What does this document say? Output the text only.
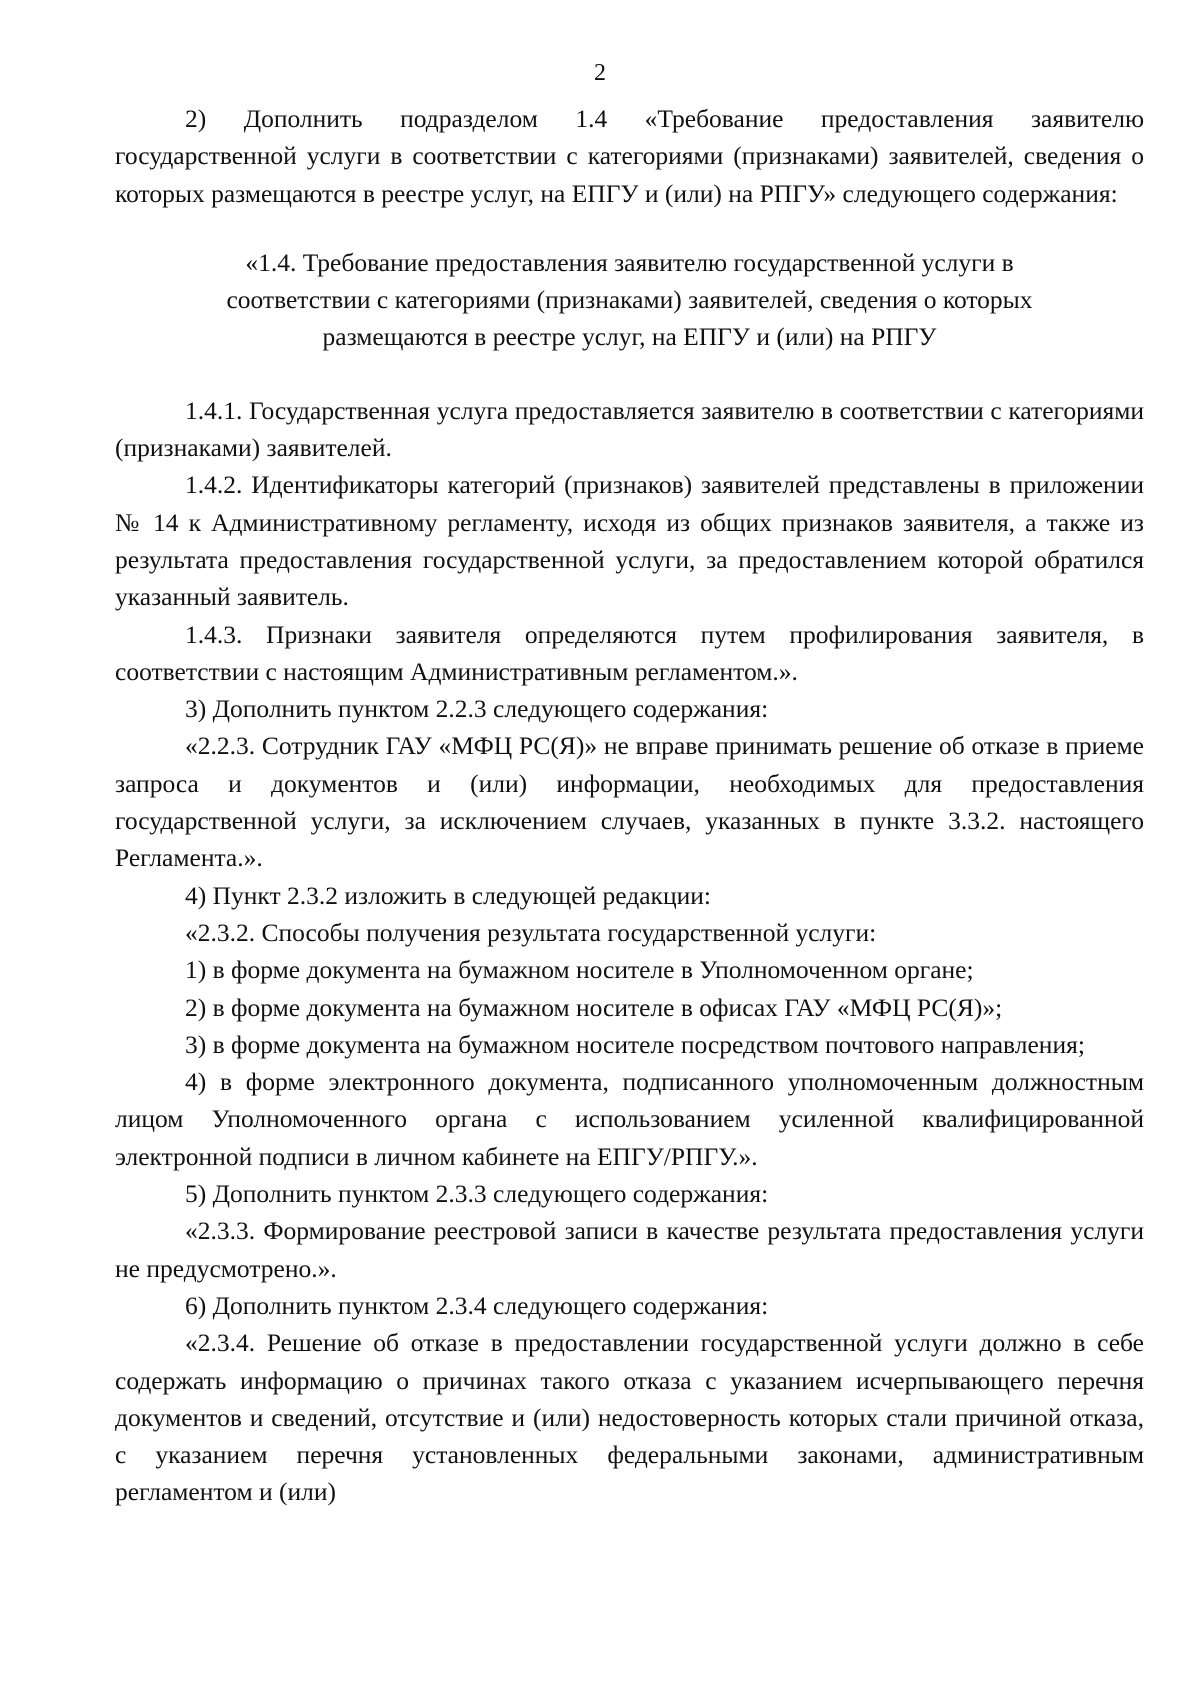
2

2) Дополнить подразделом 1.4 «Требование предоставления заявителю государственной услуги в соответствии с категориями (признаками) заявителей, сведения о которых размещаются в реестре услуг, на ЕПГУ и (или) на РПГУ» следующего содержания:

«1.4. Требование предоставления заявителю государственной услуги в соответствии с категориями (признаками) заявителей, сведения о которых размещаются в реестре услуг, на ЕПГУ и (или) на РПГУ

1.4.1. Государственная услуга предоставляется заявителю в соответствии с категориями (признаками) заявителей.

1.4.2. Идентификаторы категорий (признаков) заявителей представлены в приложении № 14 к Административному регламенту, исходя из общих признаков заявителя, а также из результата предоставления государственной услуги, за предоставлением которой обратился указанный заявитель.

1.4.3. Признаки заявителя определяются путем профилирования заявителя, в соответствии с настоящим Административным регламентом.».

3) Дополнить пунктом 2.2.3 следующего содержания:

«2.2.3. Сотрудник ГАУ «МФЦ РС(Я)» не вправе принимать решение об отказе в приеме запроса и документов и (или) информации, необходимых для предоставления государственной услуги, за исключением случаев, указанных в пункте 3.3.2. настоящего Регламента.».

4) Пункт 2.3.2 изложить в следующей редакции:

«2.3.2. Способы получения результата государственной услуги:

1) в форме документа на бумажном носителе в Уполномоченном органе;

2) в форме документа на бумажном носителе в офисах ГАУ «МФЦ РС(Я)»;

3) в форме документа на бумажном носителе посредством почтового направления;

4) в форме электронного документа, подписанного уполномоченным должностным лицом Уполномоченного органа с использованием усиленной квалифицированной электронной подписи в личном кабинете на ЕПГУ/РПГУ.».

5) Дополнить пунктом 2.3.3 следующего содержания:

«2.3.3. Формирование реестровой записи в качестве результата предоставления услуги не предусмотрено.».

6) Дополнить пунктом 2.3.4 следующего содержания:

«2.3.4. Решение об отказе в предоставлении государственной услуги должно в себе содержать информацию о причинах такого отказа с указанием исчерпывающего перечня документов и сведений, отсутствие и (или) недостоверность которых стали причиной отказа, с указанием перечня установленных федеральными законами, административным регламентом и (или)
